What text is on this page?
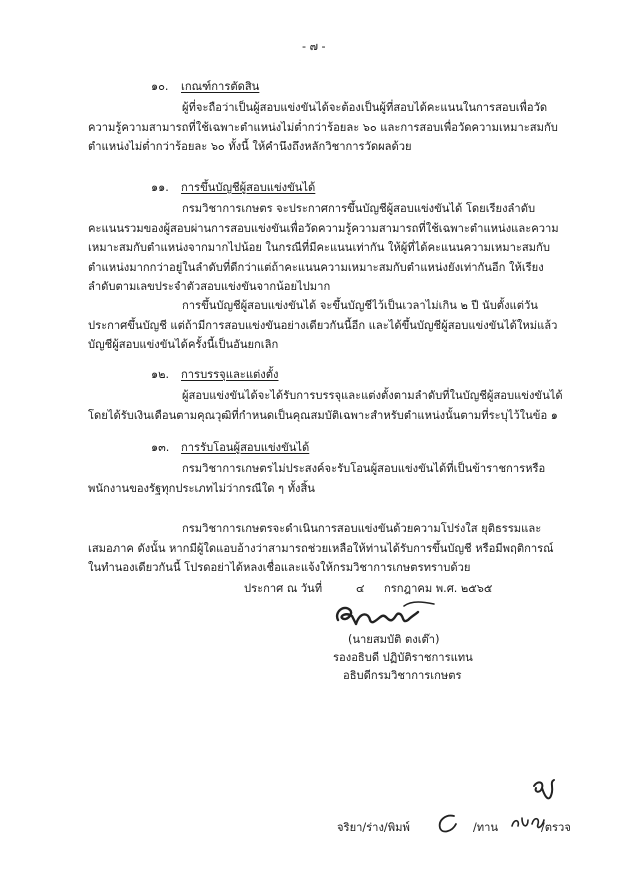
- ๗ -
๑๐. เกณฑ์การตัดสิน
ผู้ที่จะถือว่าเป็นผู้สอบแข่งขันได้จะต้องเป็นผู้ที่สอบได้คะแนนในการสอบเพื่อวัดความรู้ความสามารถที่ใช้เฉพาะตำแหน่งไม่ต่ำกว่าร้อยละ ๖๐ และการสอบเพื่อวัดความเหมาะสมกับตำแหน่งไม่ต่ำกว่าร้อยละ ๖๐ ทั้งนี้ ให้คำนึงถึงหลักวิชาการวัดผลด้วย
๑๑. การขึ้นบัญชีผู้สอบแข่งขันได้
กรมวิชาการเกษตร จะประกาศการขึ้นบัญชีผู้สอบแข่งขันได้ โดยเรียงลำดับคะแนนรวมของผู้สอบผ่านการสอบแข่งขันเพื่อวัดความรู้ความสามารถที่ใช้เฉพาะตำแหน่งและความเหมาะสมกับตำแหน่งจากมากไปน้อย ในกรณีที่มีคะแนนเท่ากัน ให้ผู้ที่ได้คะแนนความเหมาะสมกับตำแหน่งมากกว่าอยู่ในลำดับที่ดีกว่าแต่ถ้าคะแนนความเหมาะสมกับตำแหน่งยังเท่ากันอีก ให้เรียงลำดับตามเลขประจำตัวสอบแข่งขันจากน้อยไปมาก
การขึ้นบัญชีผู้สอบแข่งขันได้ จะขึ้นบัญชีไว้เป็นเวลาไม่เกิน ๒ ปี นับตั้งแต่วันประกาศขึ้นบัญชี แต่ถ้ามีการสอบแข่งขันอย่างเดียวกันนี้อีก และได้ขึ้นบัญชีผู้สอบแข่งขันได้ใหม่แล้ว บัญชีผู้สอบแข่งขันได้ครั้งนี้เป็นอันยกเลิก
๑๒. การบรรจุและแต่งตั้ง
ผู้สอบแข่งขันได้จะได้รับการบรรจุและแต่งตั้งตามลำดับที่ในบัญชีผู้สอบแข่งขันได้โดยได้รับเงินเดือนตามคุณวุฒิที่กำหนดเป็นคุณสมบัติเฉพาะสำหรับตำแหน่งนั้นตามที่ระบุไว้ในข้อ ๑
๑๓. การรับโอนผู้สอบแข่งขันได้
กรมวิชาการเกษตรไม่ประสงค์จะรับโอนผู้สอบแข่งขันได้ที่เป็นข้าราชการหรือพนักงานของรัฐทุกประเภทไม่ว่ากรณีใด ๆ ทั้งสิ้น
กรมวิชาการเกษตรจะดำเนินการสอบแข่งขันด้วยความโปร่งใส ยุติธรรมและเสมอภาค ดังนั้น หากมีผู้ใดแอบอ้างว่าสามารถช่วยเหลือให้ท่านได้รับการขึ้นบัญชี หรือมีพฤติการณ์ในทำนองเดียวกันนี้ โปรดอย่าได้หลงเชื่อและแจ้งให้กรมวิชาการเกษตรทราบด้วย
ประกาศ ณ วันที่	๔ กรกฎาคม พ.ศ. ๒๕๖๕
(นายสมบัติ ตงเต๊า)
รองอธิบดี ปฏิบัติราชการแทน
อธิบดีกรมวิชาการเกษตร
จริยา/ร่าง/พิมพ์	/ทาน	/ตรวจ
